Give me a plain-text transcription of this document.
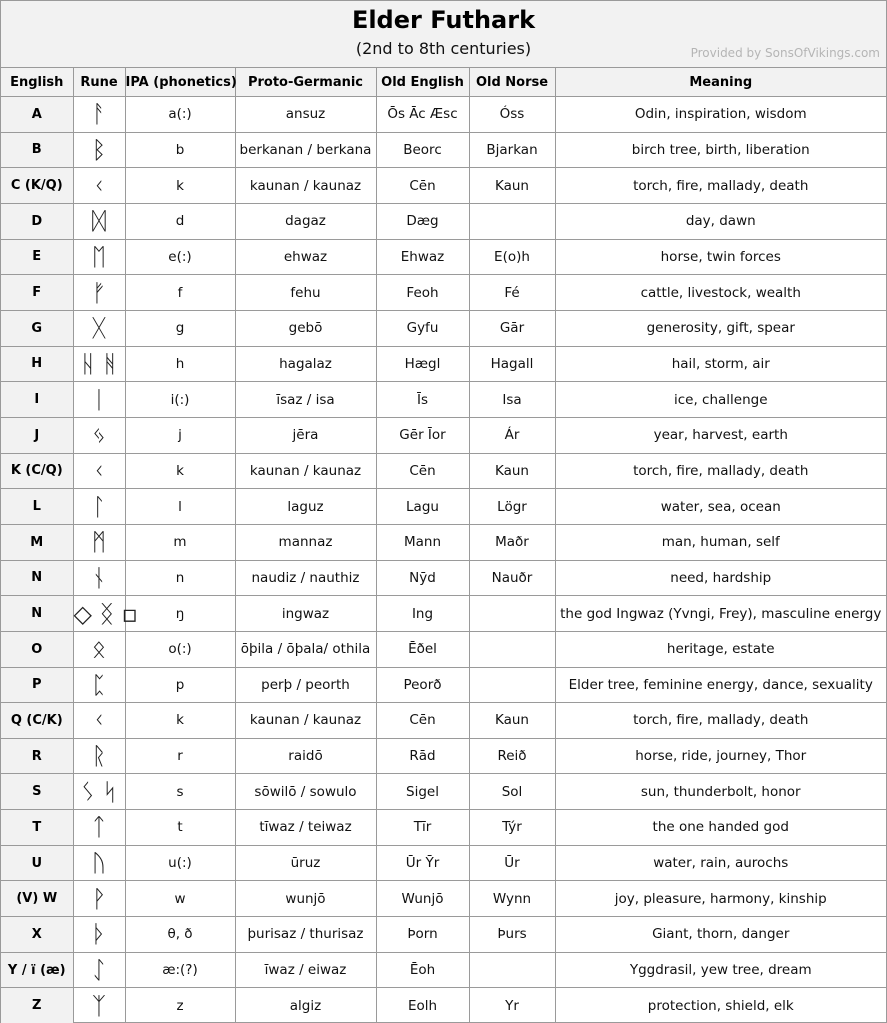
Elder Futhark
(2nd to 8th centuries)	Provided by SonsOfVikings.com
English	Rune	IPA (phonetics)	Proto-Germanic	Old English	Old Norse	Meaning
A	ᚨ	a(:)	ansuz	Ōs Āc Æsc	Óss	Odin, inspiration, wisdom
B	ᛒ	b	berkanan / berkana	Beorc	Bjarkan	birch tree, birth, liberation
C (K/Q)	ᚲ	k	kaunan / kaunaz	Cēn	Kaun	torch, fire, mallady, death
D	ᛞ	d	dagaz	Dæg		day, dawn
E	ᛖ	e(:)	ehwaz	Ehwaz	E(o)h	horse, twin forces
F	ᚠ	f	fehu	Feoh	Fé	cattle, livestock, wealth
G	ᚷ	g	gebō	Gyfu	Gār	generosity, gift, spear
H	ᚺ ᚻ	h	hagalaz	Hægl	Hagall	hail, storm, air
I	ᛁ	i(:)	īsaz / isa	Īs	Isa	ice, challenge
J	ᛃ	j	jēra	Gēr Īor	Ár	year, harvest, earth
K (C/Q)	ᚲ	k	kaunan / kaunaz	Cēn	Kaun	torch, fire, mallady, death
L	ᛚ	l	laguz	Lagu	Lögr	water, sea, ocean
M	ᛗ	m	mannaz	Mann	Maðr	man, human, self
N	ᚾ	n	naudiz / nauthiz	Nȳd	Nauðr	need, hardship
N	◇ ᛝ ▫	ŋ	ingwaz	Ing		the god Ingwaz (Yvngi, Frey), masculine energy
O	ᛟ	o(:)	ōþila / ōþala/ othila	Ēðel		heritage, estate
P	ᛈ	p	perþ / peorth	Peorð		Elder tree, feminine energy, dance, sexuality
Q (C/K)	ᚲ	k	kaunan / kaunaz	Cēn	Kaun	torch, fire, mallady, death
R	ᚱ	r	raidō	Rād	Reið	horse, ride, journey, Thor
S	ᛊ ᛋ	s	sōwilō / sowulo	Sigel	Sol	sun, thunderbolt, honor
T	ᛏ	t	tīwaz / teiwaz	Tīr	Týr	the one handed god
U	ᚢ	u(:)	ūruz	Ūr Ȳr	Ūr	water, rain, aurochs
(V) W	ᚹ	w	wunjō	Wunjō	Wynn	joy, pleasure, harmony, kinship
X	ᚦ	θ, ð	þurisaz / thurisaz	Þorn	Þurs	Giant, thorn, danger
Y / ï (æ)	ᛇ	æ:(?)	īwaz / eiwaz	Ēoh		Yggdrasil, yew tree, dream
Z	ᛉ	z	algiz	Eolh	Yr	protection, shield, elk
